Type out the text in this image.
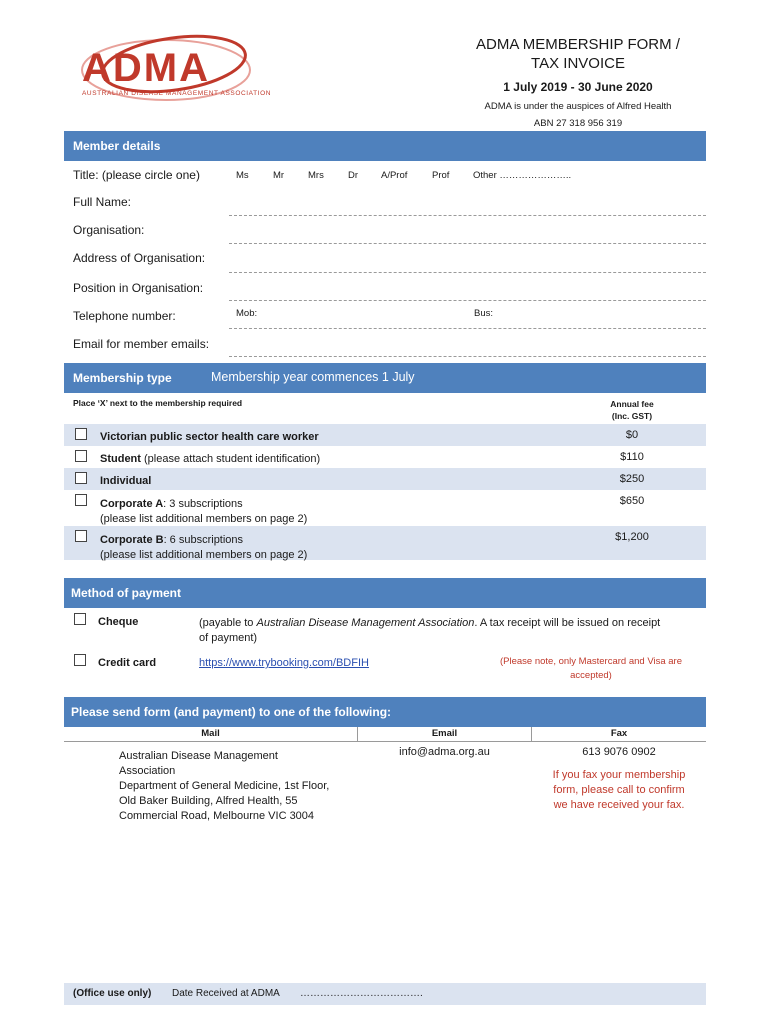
ADMA
AUSTRALIAN DISEASE MANAGEMENT ASSOCIATION
ADMA MEMBERSHIP FORM /
TAX INVOICE
1 July 2019 - 30 June 2020
ADMA is under the auspices of Alfred Health
ABN 27 318 956 319
Member details
Title: (please circle one)	Ms	Mr	Mrs	Dr A/Prof	Prof Other …………………..
Full Name:
Organisation:
Address of Organisation:
Position in Organisation:
Telephone number:	Mob:	Bus:
Email for member emails:
Membership type	Membership year commences 1 July
Place ‘X’ next to the membership required	Annual fee
(Inc. GST)
Victorian public sector health care worker	$0
Student (please attach student identification)	$110
Individual	$250
Corporate A: 3 subscriptions
(please list additional members on page 2)
$650
Corporate B: 6 subscriptions
(please list additional members on page 2)
$1,200
Method of payment
Cheque	(payable to Australian Disease Management Association. A tax receipt will be issued on receipt
of payment)
Credit card	https://www.trybooking.com/BDFIH	(Please note, only Mastercard and Visa are
accepted)
Please send form (and payment) to one of the following:
Mail	Email	Fax
Australian Disease Management
Association
Department of General Medicine, 1st Floor,
Old Baker Building, Alfred Health, 55
Commercial Road, Melbourne VIC 3004
info@adma.org.au	613 9076 0902
If you fax your membership
form, please call to confirm
we have received your fax.
(Office use only) Date Received at ADMA ……………………………….
